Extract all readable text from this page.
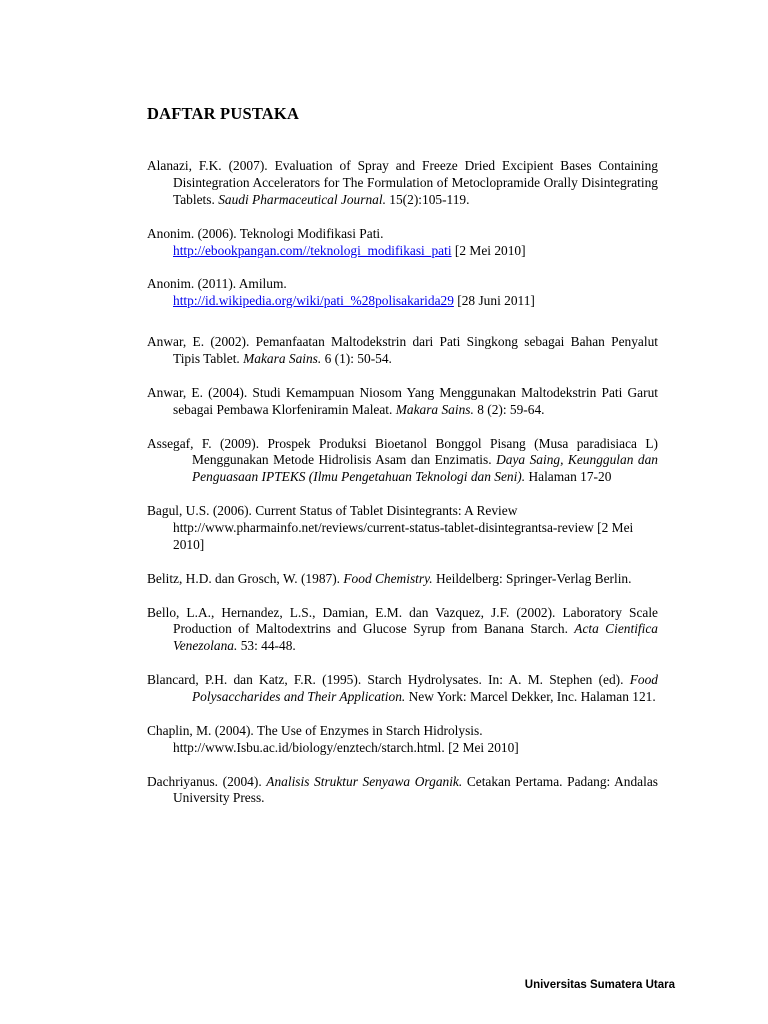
DAFTAR PUSTAKA

Alanazi, F.K. (2007). Evaluation of Spray and Freeze Dried Excipient Bases Containing Disintegration Accelerators for The Formulation of Metoclopramide Orally Disintegrating Tablets. Saudi Pharmaceutical Journal. 15(2):105-119.

Anonim. (2006). Teknologi Modifikasi Pati.
http://ebookpangan.com//teknologi_modifikasi_pati [2 Mei 2010]

Anonim. (2011). Amilum.
http://id.wikipedia.org/wiki/pati_%28polisakarida29 [28 Juni 2011]

Anwar, E. (2002). Pemanfaatan Maltodekstrin dari Pati Singkong sebagai Bahan Penyalut Tipis Tablet. Makara Sains. 6 (1): 50-54.

Anwar, E. (2004). Studi Kemampuan Niosom Yang Menggunakan Maltodekstrin Pati Garut sebagai Pembawa Klorfeniramin Maleat. Makara Sains. 8 (2): 59-64.

Assegaf, F. (2009). Prospek Produksi Bioetanol Bonggol Pisang (Musa paradisiaca L) Menggunakan Metode Hidrolisis Asam dan Enzimatis. Daya Saing, Keunggulan dan Penguasaan IPTEKS (Ilmu Pengetahuan Teknologi dan Seni). Halaman 17-20

Bagul, U.S. (2006). Current Status of Tablet Disintegrants: A Review
http://www.pharmainfo.net/reviews/current-status-tablet-disintegrantsa-review [2 Mei 2010]

Belitz, H.D. dan Grosch, W. (1987). Food Chemistry. Heildelberg: Springer-Verlag Berlin.

Bello, L.A., Hernandez, L.S., Damian, E.M. dan Vazquez, J.F. (2002). Laboratory Scale Production of Maltodextrins and Glucose Syrup from Banana Starch. Acta Cientifica Venezolana. 53: 44-48.

Blancard, P.H. dan Katz, F.R. (1995). Starch Hydrolysates. In: A. M. Stephen (ed). Food Polysaccharides and Their Application. New York: Marcel Dekker, Inc. Halaman 121.

Chaplin, M. (2004). The Use of Enzymes in Starch Hidrolysis.
http://www.Isbu.ac.id/biology/enztech/starch.html. [2 Mei 2010]

Dachriyanus. (2004). Analisis Struktur Senyawa Organik. Cetakan Pertama. Padang: Andalas University Press.

Universitas Sumatera Utara
